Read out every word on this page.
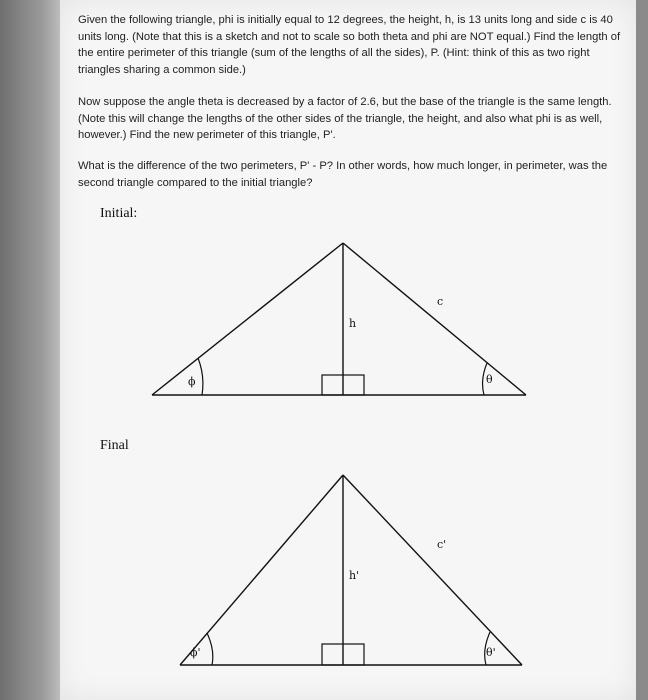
Given the following triangle, phi is initially equal to 12 degrees, the height, h, is 13 units long and side c is 40 units long. (Note that this is a sketch and not to scale so both theta and phi are NOT equal.) Find the length of the entire perimeter of this triangle (sum of the lengths of all the sides), P. (Hint: think of this as two right triangles sharing a common side.)

Now suppose the angle theta is decreased by a factor of 2.6, but the base of the triangle is the same length. (Note this will change the lengths of the other sides of the triangle, the height, and also what phi is as well, however.) Find the new perimeter of this triangle, P'.

What is the difference of the two perimeters, P' - P? In other words, how much longer, in perimeter, was the second triangle compared to the initial triangle?

Initial:
Final
c
h
ϕ	θ
c'
h'
ϕ'	θ'
